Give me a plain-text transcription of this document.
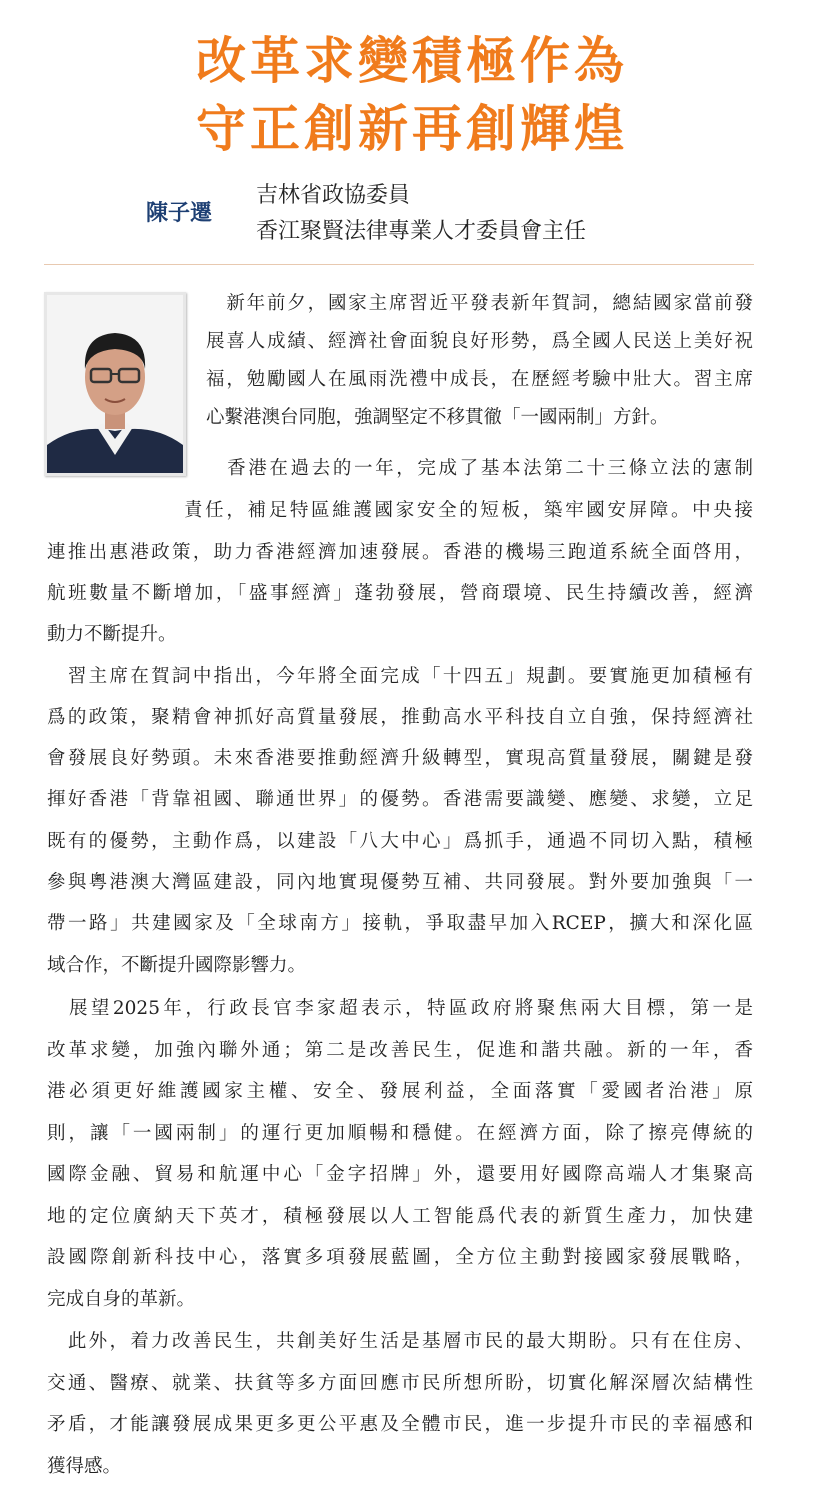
改革求變積極作為
守正創新再創輝煌
陳子遷
吉林省政協委員
香江聚賢法律專業人才委員會主任
　新年前夕，國家主席習近平發表新年賀詞，總結國家當前發
展喜人成績、經濟社會面貌良好形勢，爲全國人民送上美好祝
福，勉勵國人在風雨洗禮中成長，在歷經考驗中壯大。習主席
心繫港澳台同胞，強調堅定不移貫徹「一國兩制」方針。
　香港在過去的一年，完成了基本法第二十三條立法的憲制
責任，補足特區維護國家安全的短板，築牢國安屏障。中央接
連推出惠港政策，助力香港經濟加速發展。香港的機場三跑道系統全面啓用，
航班數量不斷增加，「盛事經濟」蓬勃發展，營商環境、民生持續改善，經濟
動力不斷提升。
　習主席在賀詞中指出，今年將全面完成「十四五」規劃。要實施更加積極有
爲的政策，聚精會神抓好高質量發展，推動高水平科技自立自強，保持經濟社
會發展良好勢頭。未來香港要推動經濟升級轉型，實現高質量發展，關鍵是發
揮好香港「背靠祖國、聯通世界」的優勢。香港需要識變、應變、求變，立足
既有的優勢，主動作爲，以建設「八大中心」爲抓手，通過不同切入點，積極
參與粵港澳大灣區建設，同內地實現優勢互補、共同發展。對外要加強與「一
帶一路」共建國家及「全球南方」接軌，爭取盡早加入RCEP，擴大和深化區
域合作，不斷提升國際影響力。
　展望2025年，行政長官李家超表示，特區政府將聚焦兩大目標，第一是
改革求變，加強內聯外通；第二是改善民生，促進和諧共融。新的一年，香
港必須更好維護國家主權、安全、發展利益，全面落實「愛國者治港」原
則，讓「一國兩制」的運行更加順暢和穩健。在經濟方面，除了擦亮傳統的
國際金融、貿易和航運中心「金字招牌」外，還要用好國際高端人才集聚高
地的定位廣納天下英才，積極發展以人工智能爲代表的新質生產力，加快建
設國際創新科技中心，落實多項發展藍圖，全方位主動對接國家發展戰略，
完成自身的革新。
　此外，着力改善民生，共創美好生活是基層市民的最大期盼。只有在住房、
交通、醫療、就業、扶貧等多方面回應市民所想所盼，切實化解深層次結構性
矛盾，才能讓發展成果更多更公平惠及全體市民，進一步提升市民的幸福感和
獲得感。
